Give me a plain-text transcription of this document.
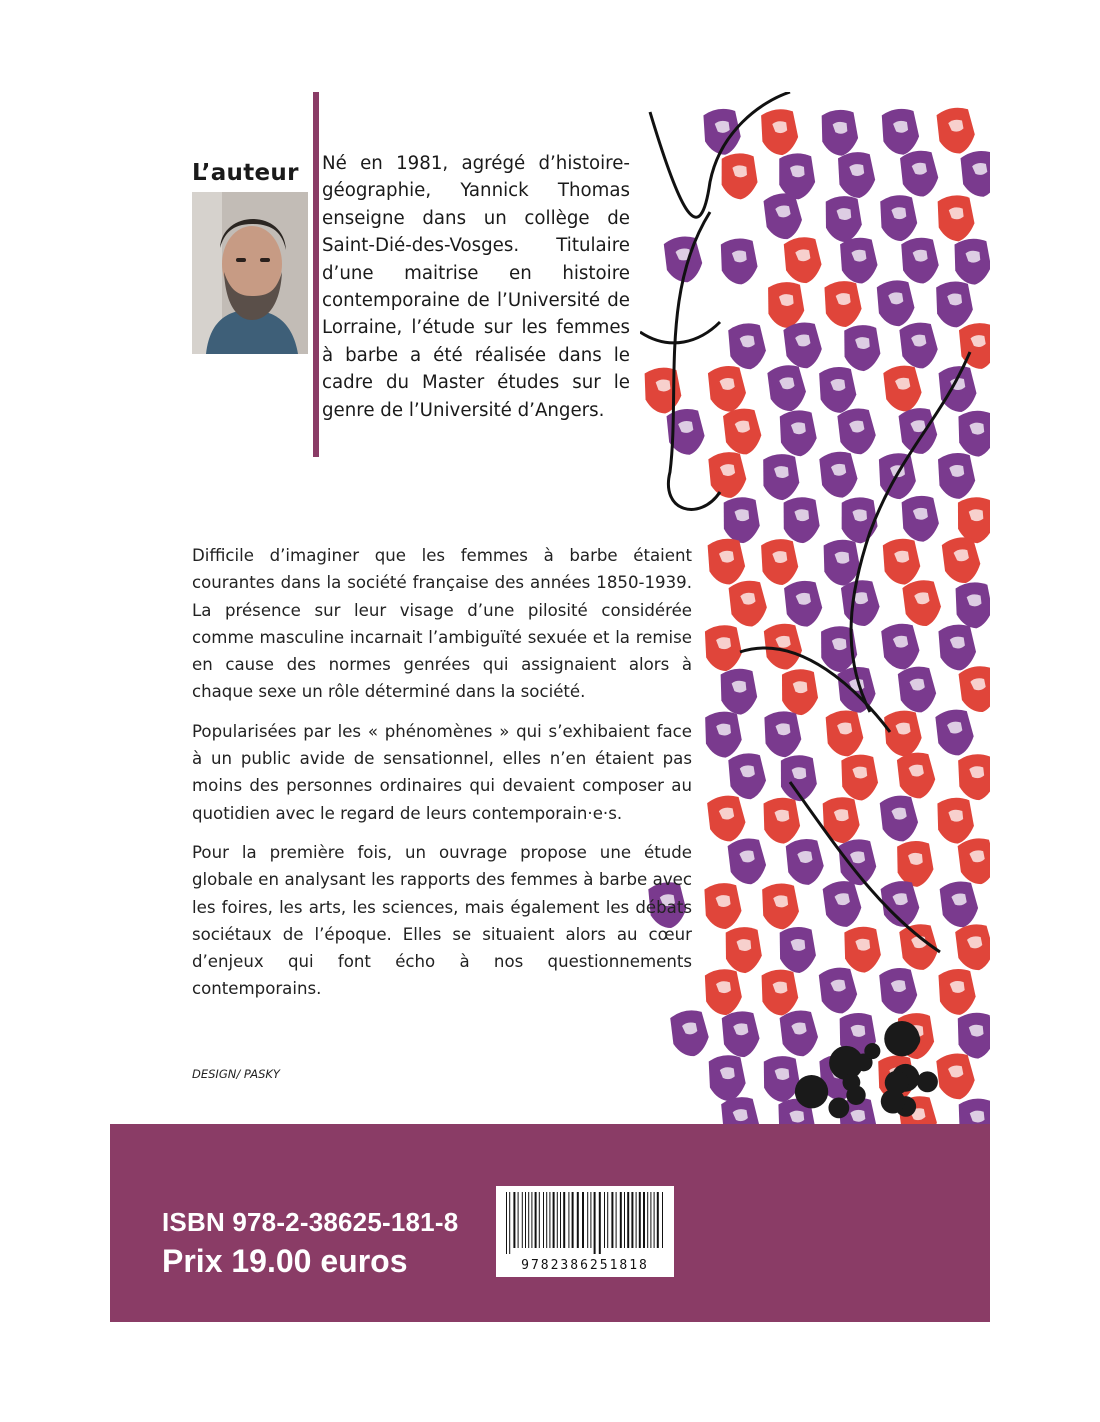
L’auteur Né en 1981, agrégé d’histoire-géographie, Yannick Thomas enseigne dans un collège de Saint-Dié-des-Vosges. Titulaire d’une maitrise en histoire contemporaine de l’Université de Lorraine, l’étude sur les femmes à barbe a été réalisée dans le cadre du Master études sur le genre de l’Université d’Angers.

Difficile d’imaginer que les femmes à barbe étaient courantes dans la société française des années 1850-1939. La présence sur leur visage d’une pilosité considérée comme masculine incarnait l’ambiguïté sexuée et la remise en cause des normes genrées qui assignaient alors à chaque sexe un rôle déterminé dans la société.

Popularisées par les « phénomènes » qui s’exhibaient face à un public avide de sensationnel, elles n’en étaient pas moins des personnes ordinaires qui devaient composer au quotidien avec le regard de leurs contemporain·e·s.

Pour la première fois, un ouvrage propose une étude globale en analysant les rapports des femmes à barbe avec les foires, les arts, les sciences, mais également les débats sociétaux de l’époque. Elles se situaient alors au cœur d’enjeux qui font écho à nos questionnements contemporains.

DESIGN/ PASKY
ISBN 978-2-38625-181-8
Prix 19.00 euros	9782386251818
